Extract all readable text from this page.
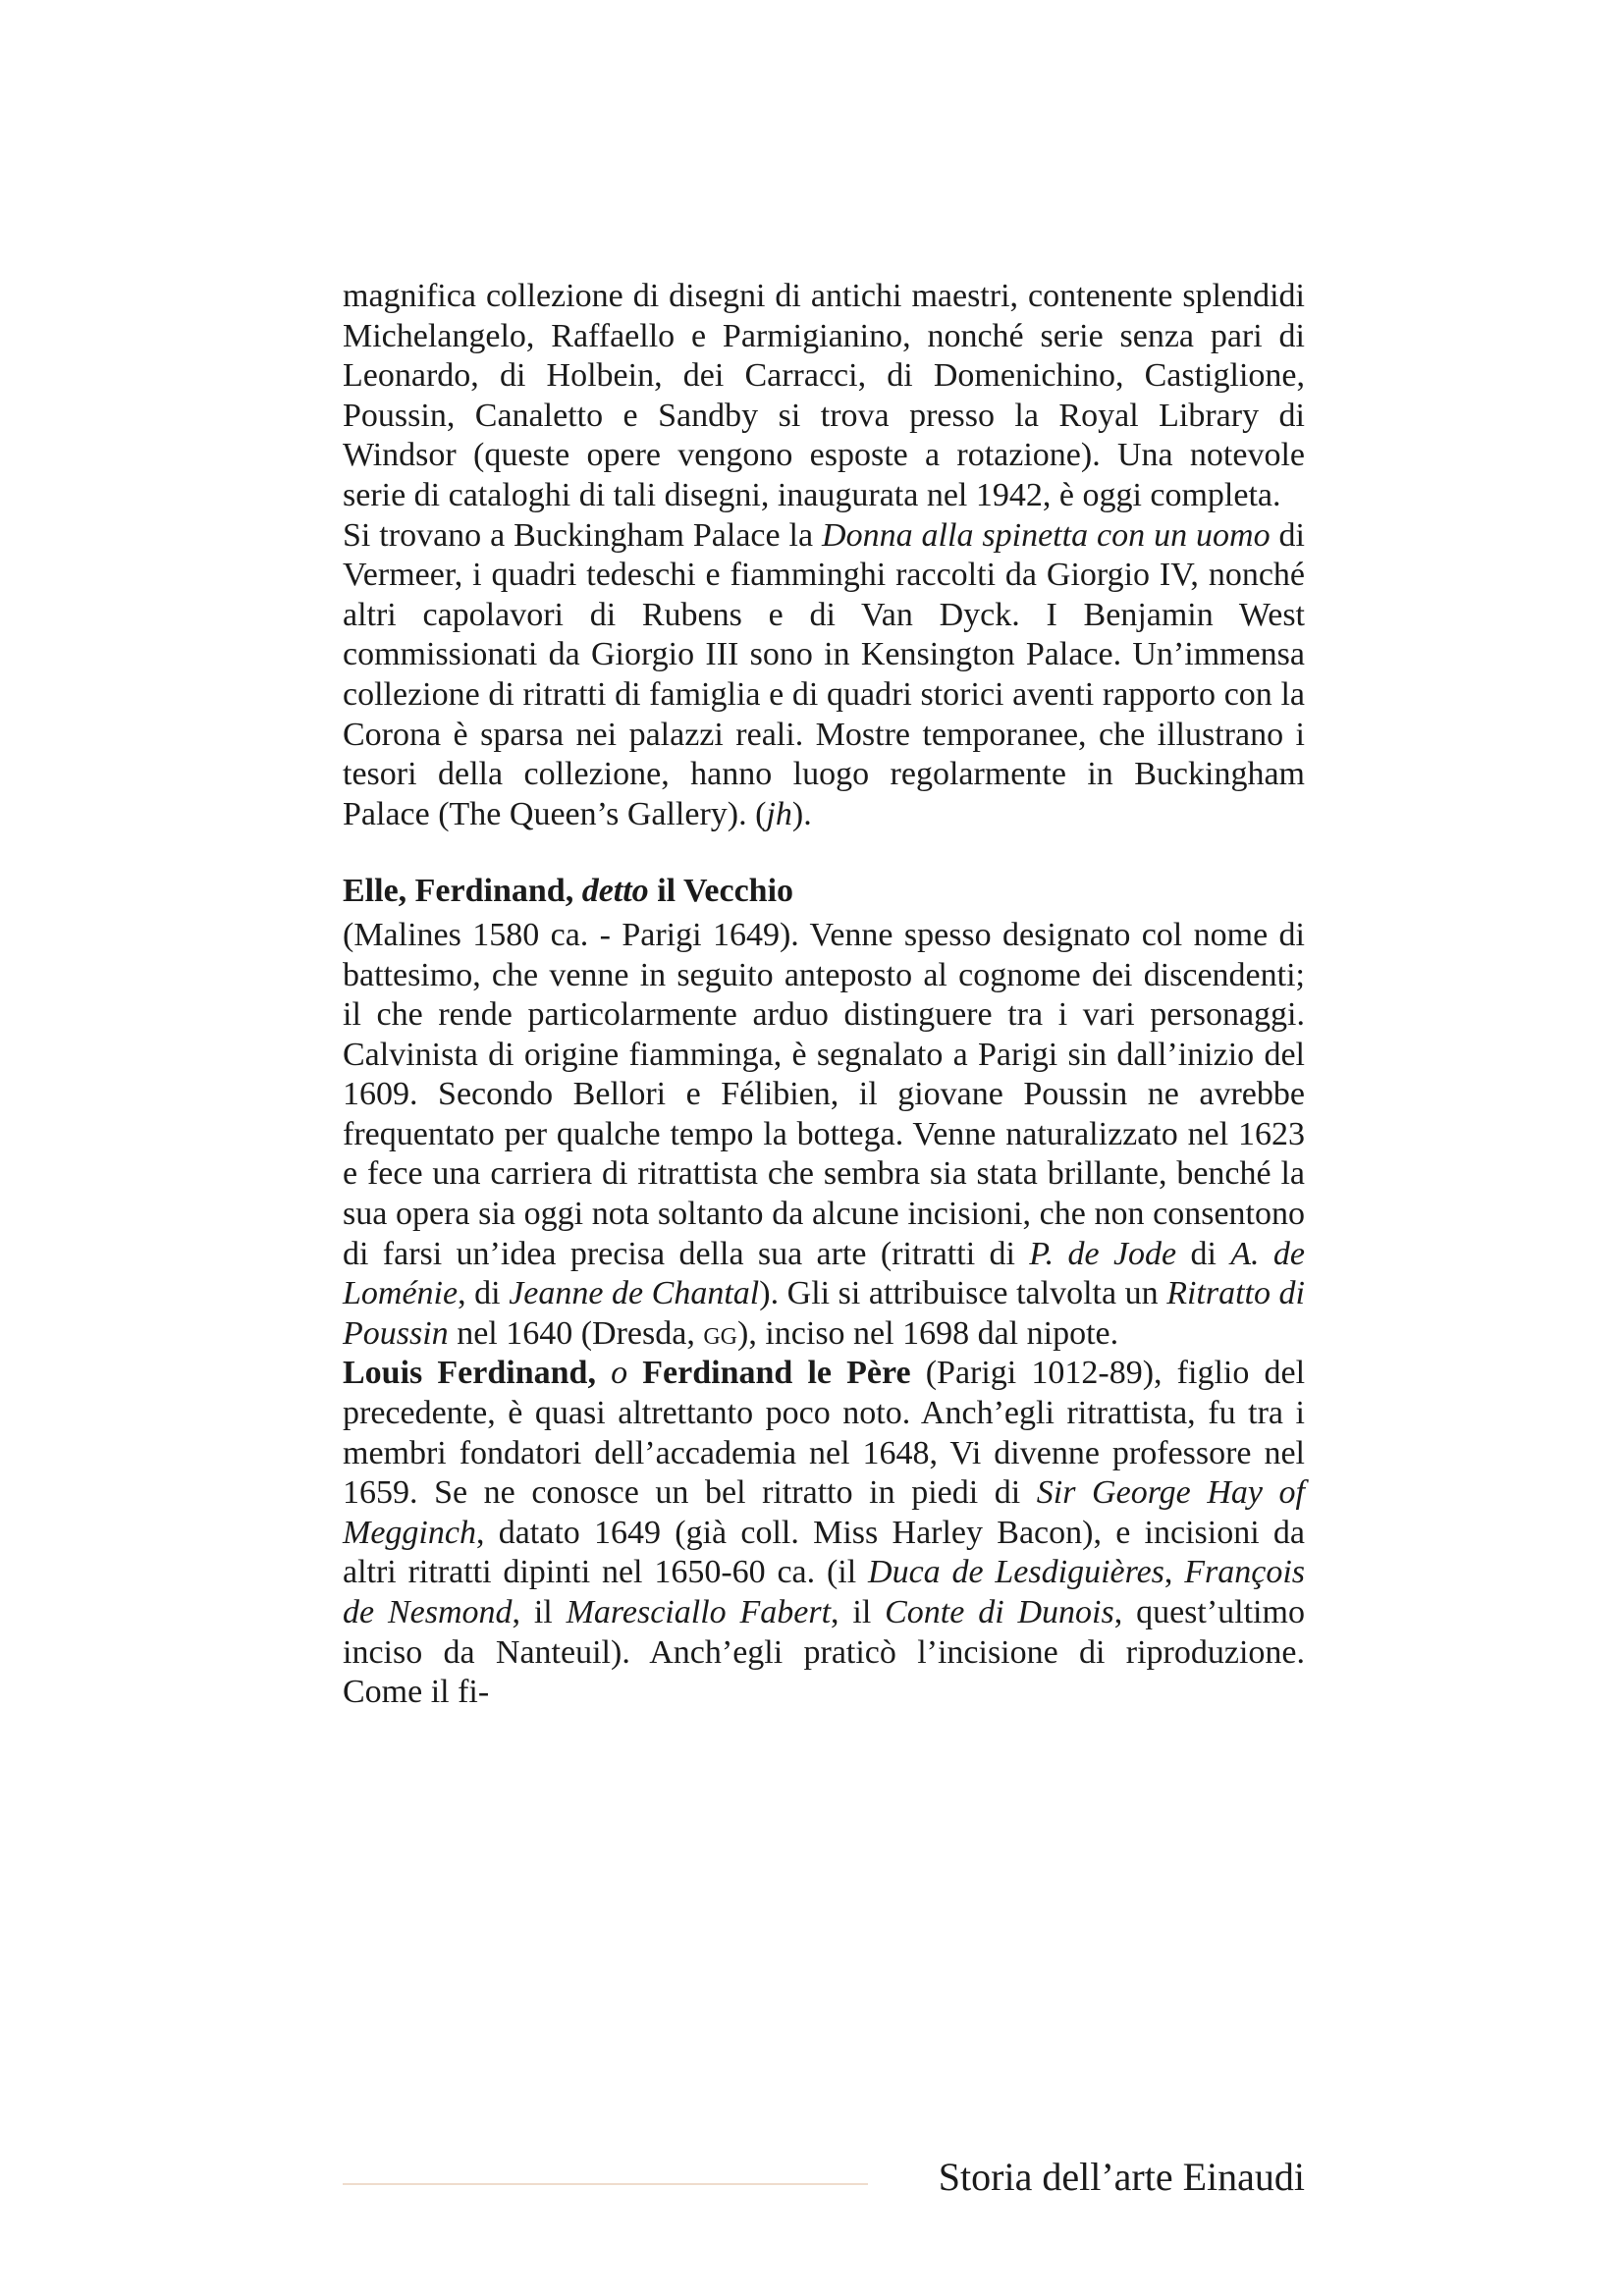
magnifica collezione di disegni di antichi maestri, contenente splendidi Michelangelo, Raffaello e Parmigianino, nonché serie senza pari di Leonardo, di Holbein, dei Carracci, di Domenichino, Castiglione, Poussin, Canaletto e Sandby si trova presso la Royal Library di Windsor (queste opere vengono esposte a rotazione). Una notevole serie di cataloghi di tali disegni, inaugurata nel 1942, è oggi completa.

Si trovano a Buckingham Palace la Donna alla spinetta con un uomo di Vermeer, i quadri tedeschi e fiamminghi raccolti da Giorgio IV, nonché altri capolavori di Rubens e di Van Dyck. I Benjamin West commissionati da Giorgio III sono in Kensington Palace. Un’immensa collezione di ritratti di famiglia e di quadri storici aventi rapporto con la Corona è sparsa nei palazzi reali. Mostre temporanee, che illustrano i tesori della collezione, hanno luogo regolarmente in Buckingham Palace (The Queen’s Gallery). (jh).

Elle, Ferdinand, detto il Vecchio

(Malines 1580 ca. - Parigi 1649). Venne spesso designato col nome di battesimo, che venne in seguito anteposto al cognome dei discendenti; il che rende particolarmente arduo distinguere tra i vari personaggi. Calvinista di origine fiamminga, è segnalato a Parigi sin dall’inizio del 1609. Secondo Bellori e Félibien, il giovane Poussin ne avrebbe frequentato per qualche tempo la bottega. Venne naturalizzato nel 1623 e fece una carriera di ritrattista che sembra sia stata brillante, benché la sua opera sia oggi nota soltanto da alcune incisioni, che non consentono di farsi un’idea precisa della sua arte (ritratti di P. de Jode di A. de Loménie, di Jeanne de Chantal). Gli si attribuisce talvolta un Ritratto di Poussin nel 1640 (Dresda, gg), inciso nel 1698 dal nipote.

Louis Ferdinand, o Ferdinand le Père (Parigi 1012-89), figlio del precedente, è quasi altrettanto poco noto. Anch’egli ritrattista, fu tra i membri fondatori dell’accademia nel 1648, Vi divenne professore nel 1659. Se ne conosce un bel ritratto in piedi di Sir George Hay of Megginch, datato 1649 (già coll. Miss Harley Bacon), e incisioni da altri ritratti dipinti nel 1650-60 ca. (il Duca de Lesdiguières, François de Nesmond, il Maresciallo Fabert, il Conte di Dunois, quest’ultimo inciso da Nanteuil). Anch’egli praticò l’incisione di riproduzione. Come il fi-

Storia dell’arte Einaudi
